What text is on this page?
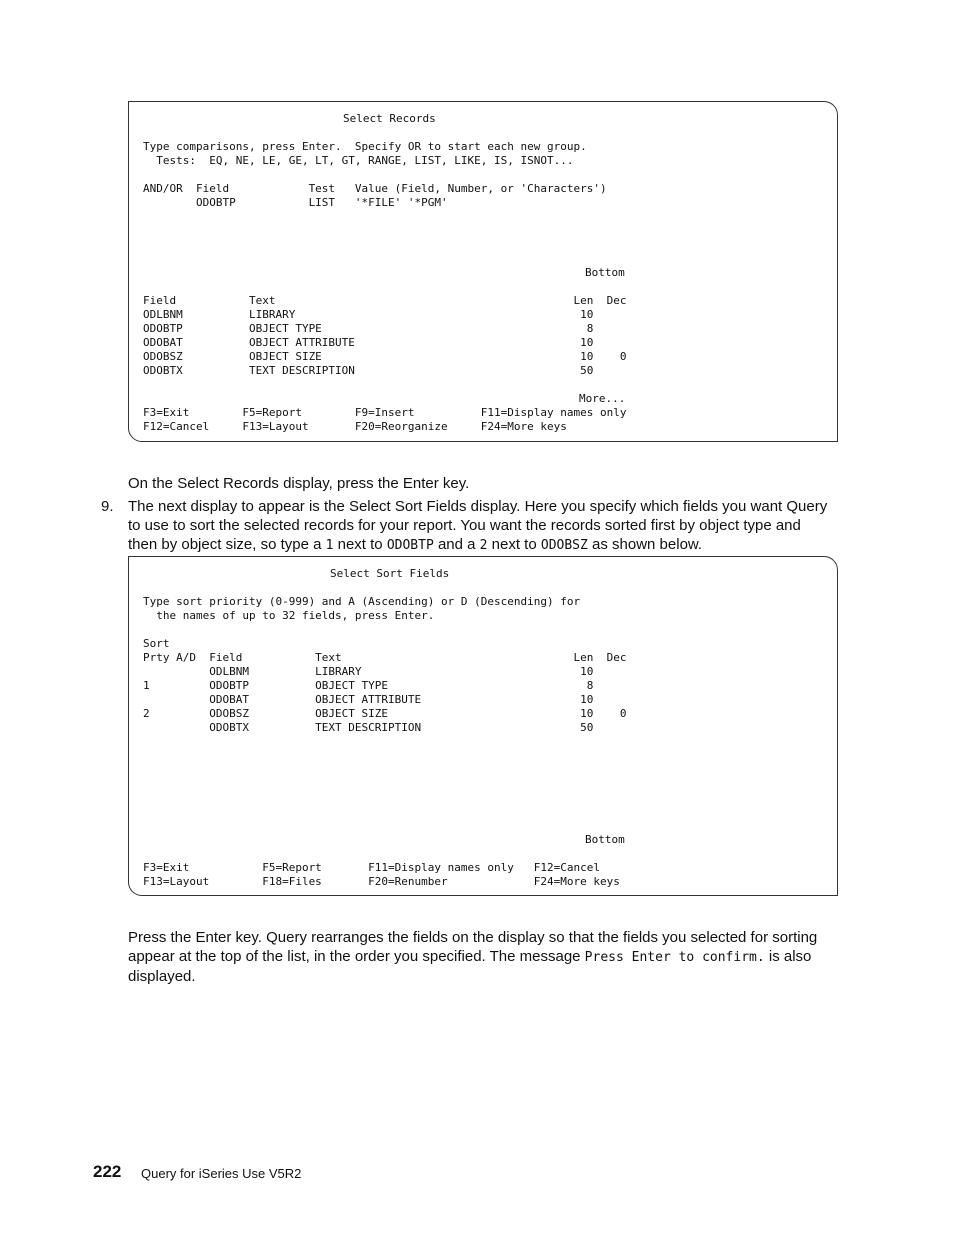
Select Records
Type comparisons, press Enter.  Specify OR to start each new group.
Tests:  EQ, NE, LE, GE, LT, GT, RANGE, LIST, LIKE, IS, ISNOT...
AND/OR  Field            Test   Value (Field, Number, or 'Characters')
ODOBTP           LIST   '*FILE' '*PGM'
Bottom
Field           Text                                             Len  Dec
ODLBNM          LIBRARY                                           10
ODOBTP          OBJECT TYPE                                        8
ODOBAT          OBJECT ATTRIBUTE                                  10
ODOBSZ          OBJECT SIZE                                       10    0
ODOBTX          TEXT DESCRIPTION                                  50
More...
F3=Exit        F5=Report        F9=Insert          F11=Display names only
F12=Cancel     F13=Layout       F20=Reorganize     F24=More keys

On the Select Records display, press the Enter key.

9. The next display to appear is the Select Sort Fields display. Here you specify which fields you want Query to use to sort the selected records for your report. You want the records sorted first by object type and then by object size, so type a 1 next to ODOBTP and a 2 next to ODOBSZ as shown below.

Select Sort Fields
Type sort priority (0-999) and A (Ascending) or D (Descending) for
the names of up to 32 fields, press Enter.
Sort
Prty A/D  Field           Text                                   Len  Dec
ODLBNM          LIBRARY                                 10
1         ODOBTP          OBJECT TYPE                              8
ODOBAT          OBJECT ATTRIBUTE                        10
2         ODOBSZ          OBJECT SIZE                             10    0
ODOBTX          TEXT DESCRIPTION                        50
Bottom
F3=Exit           F5=Report       F11=Display names only   F12=Cancel
F13=Layout        F18=Files       F20=Renumber             F24=More keys

Press the Enter key. Query rearranges the fields on the display so that the fields you selected for sorting appear at the top of the list, in the order you specified. The message Press Enter to confirm. is also displayed.

222 Query for iSeries Use V5R2
